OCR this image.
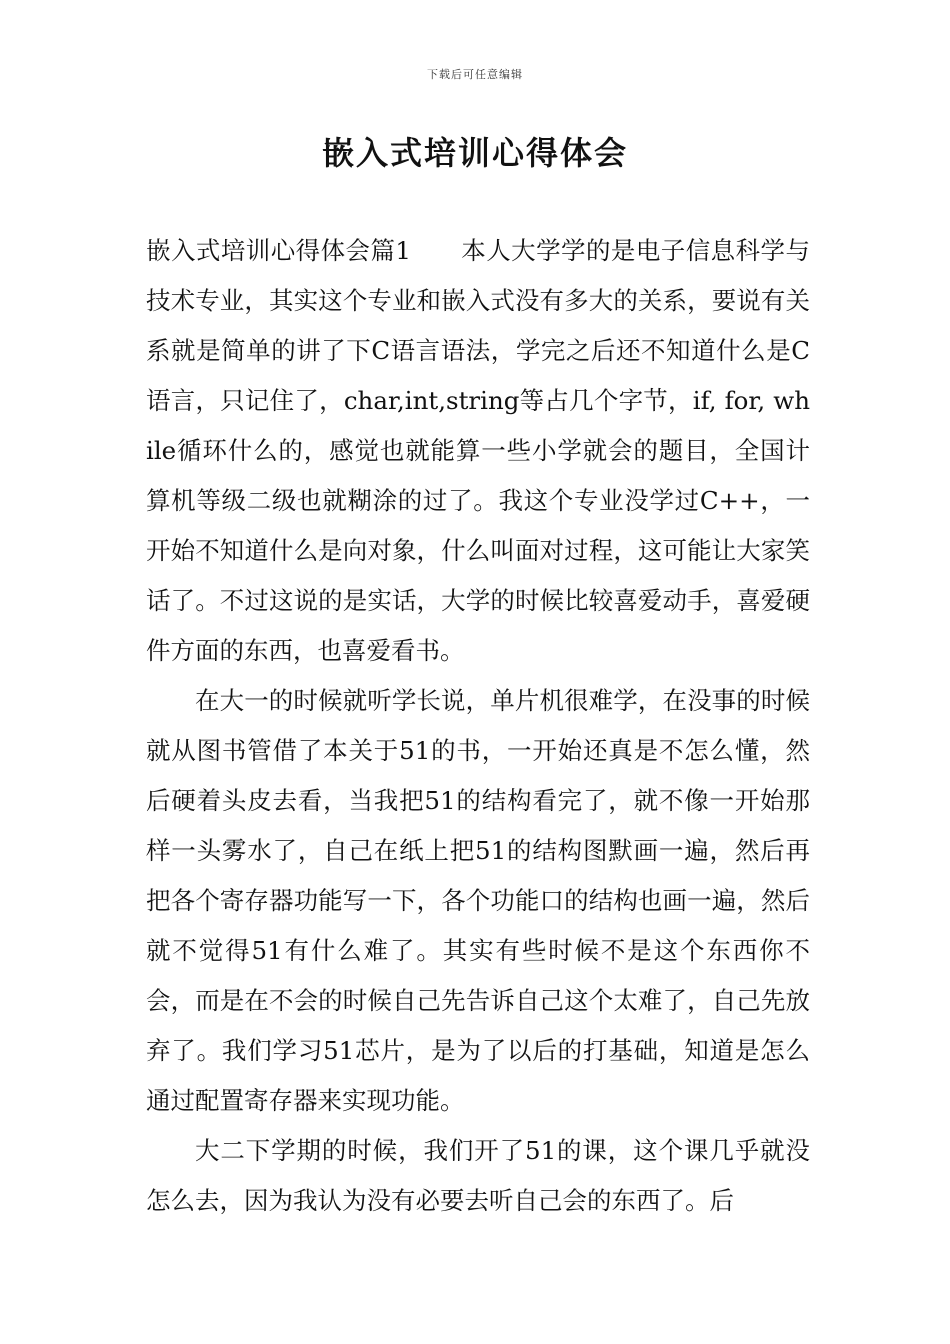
下载后可任意编辑
嵌入式培训心得体会

嵌入式培训心得体会篇1　　本人大学学的是电子信息科学与技术专业，其实这个专业和嵌入式没有多大的关系，要说有关系就是简单的讲了下C语言语法，学完之后还不知道什么是C语言，只记住了，char,int,string等占几个字节，if, for, while循环什么的，感觉也就能算一些小学就会的题目，全国计算机等级二级也就糊涂的过了。我这个专业没学过C++，一开始不知道什么是向对象，什么叫面对过程，这可能让大家笑话了。不过这说的是实话，大学的时候比较喜爱动手，喜爱硬件方面的东西，也喜爱看书。

在大一的时候就听学长说，单片机很难学，在没事的时候就从图书管借了本关于51的书，一开始还真是不怎么懂，然后硬着头皮去看，当我把51的结构看完了，就不像一开始那样一头雾水了，自己在纸上把51的结构图默画一遍，然后再把各个寄存器功能写一下，各个功能口的结构也画一遍，然后就不觉得51有什么难了。其实有些时候不是这个东西你不会，而是在不会的时候自己先告诉自己这个太难了，自己先放弃了。我们学习51芯片，是为了以后的打基础，知道是怎么通过配置寄存器来实现功能。

大二下学期的时候，我们开了51的课，这个课几乎就没怎么去，因为我认为没有必要去听自己会的东西了。后
